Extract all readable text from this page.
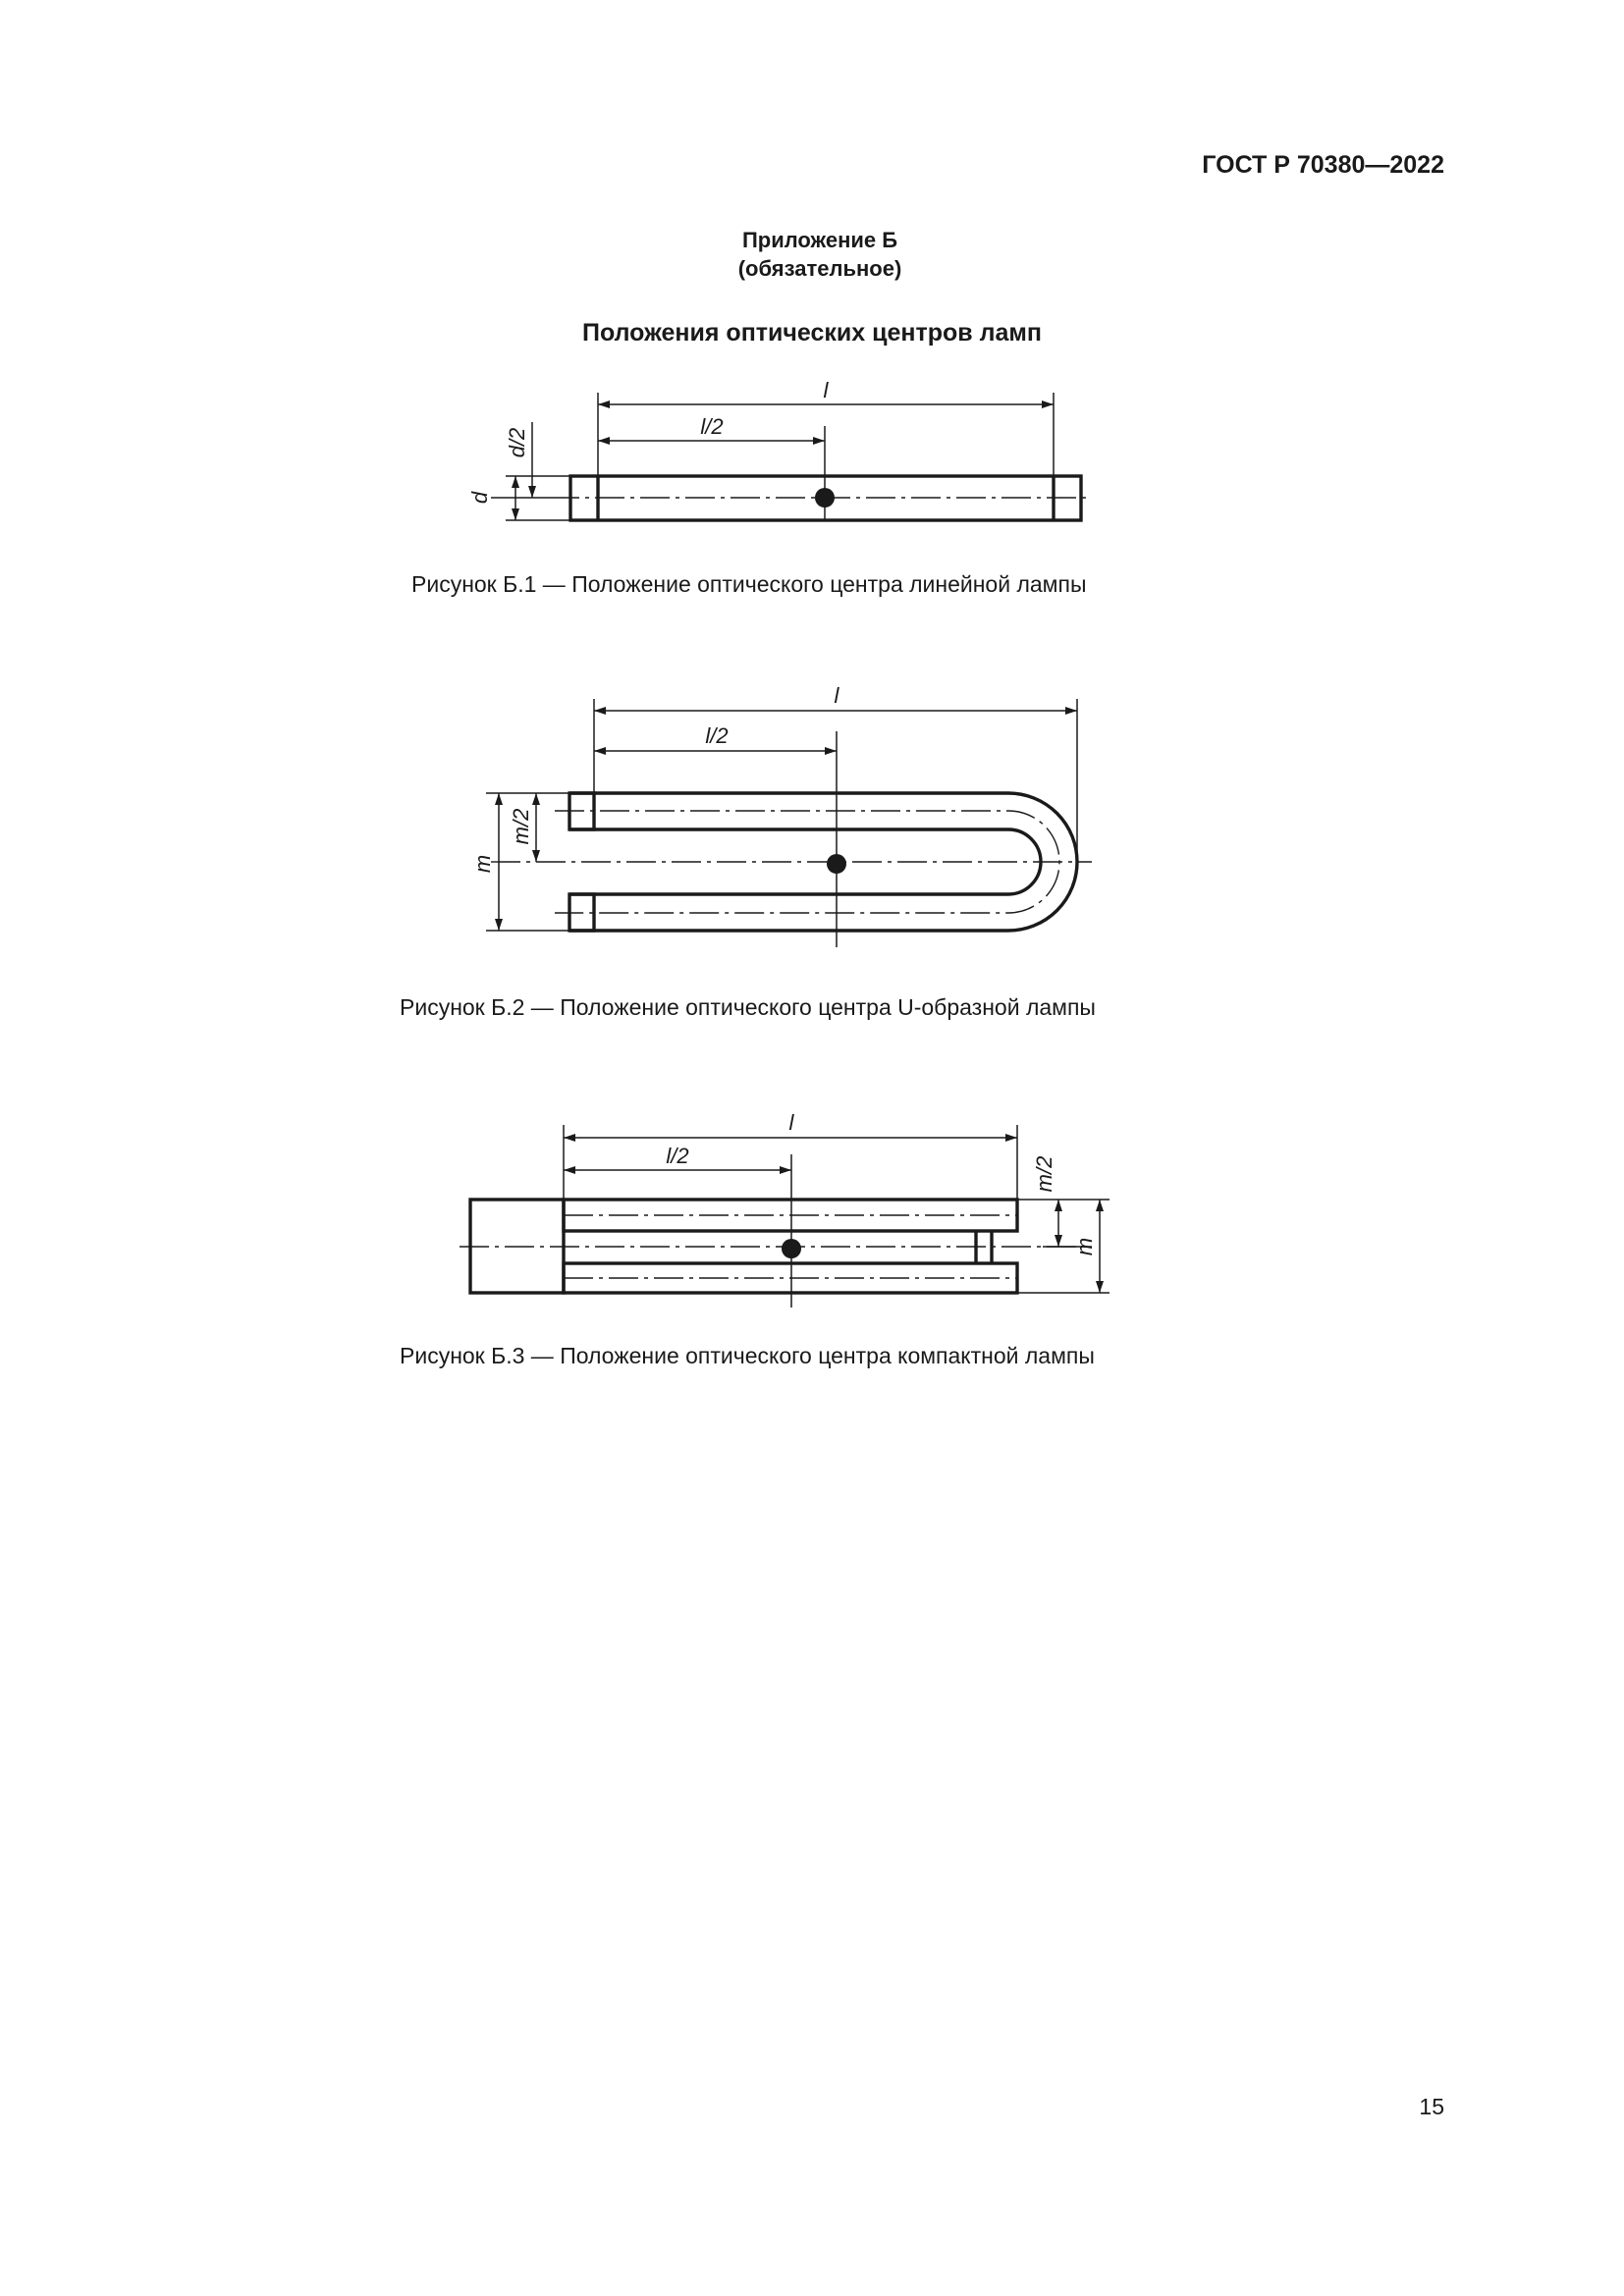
ГОСТ Р 70380—2022
Приложение Б
(обязательное)
Положения оптических центров ламп
l
l/2
d
d/2
Рисунок Б.1 — Положение оптического центра линейной лампы
l
l/2
m
m/2
Рисунок Б.2 — Положение оптического центра U-образной лампы
l
l/2
m
m/2
Рисунок Б.3 — Положение оптического центра компактной лампы
15
